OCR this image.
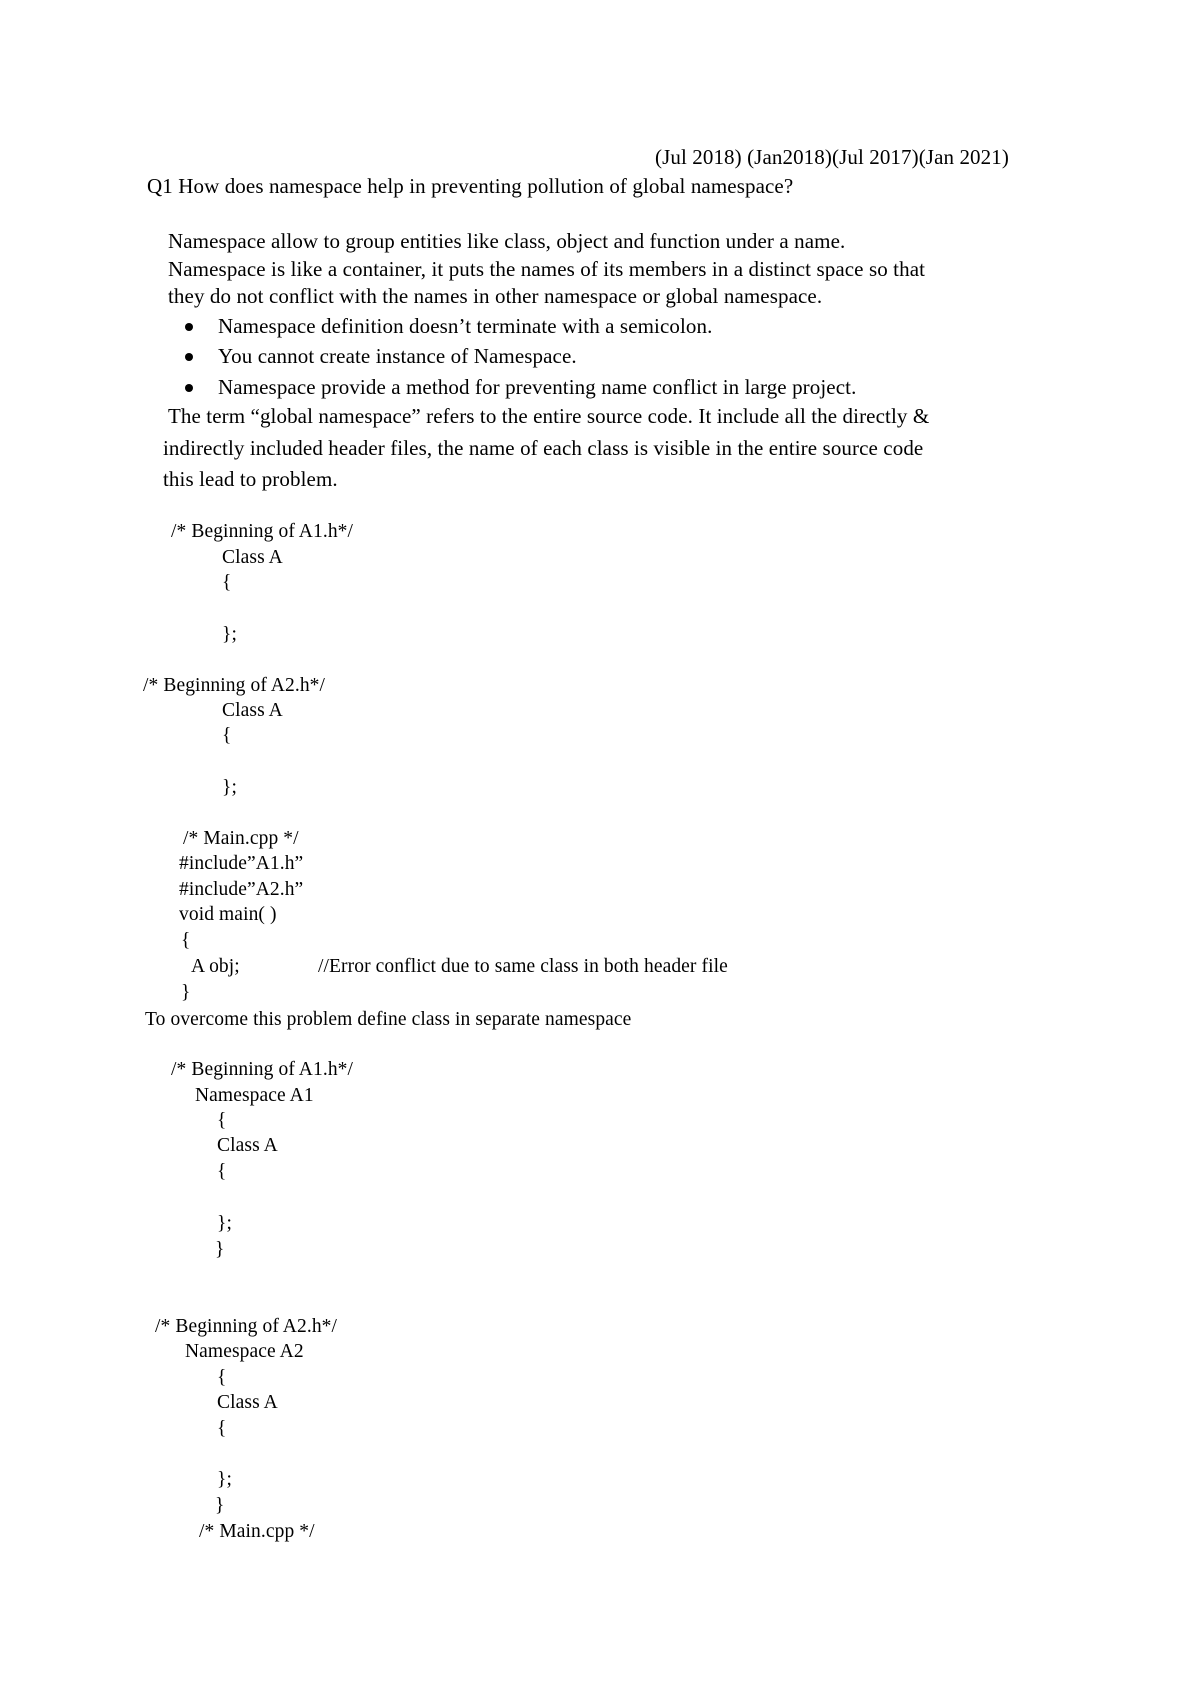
(Jul 2018) (Jan2018)(Jul 2017)(Jan 2021)
Q1 How does namespace help in preventing pollution of global namespace?
Namespace allow to group entities like class, object and function under a name.
Namespace is like a container, it puts the names of its members in a distinct space so that
they do not conflict with the names in other namespace or global namespace.
Namespace definition doesn’t terminate with a semicolon.
You cannot create instance of Namespace.
Namespace provide a method for preventing name conflict in large project.
The term “global namespace” refers to the entire source code. It include all the directly &
indirectly included header files, the name of each class is visible in the entire source code
this lead to problem.
/* Beginning of A1.h*/
Class A
{
};
/* Beginning of A2.h*/
Class A
{
};
/* Main.cpp */
#include”A1.h”
#include”A2.h”
void main( )
{
A obj;	//Error conflict due to same class in both header file
}
To overcome this problem define class in separate namespace
/* Beginning of A1.h*/
Namespace A1
{
Class A
{
};
}
/* Beginning of A2.h*/
Namespace A2
{
Class A
{
};
}
/* Main.cpp */
